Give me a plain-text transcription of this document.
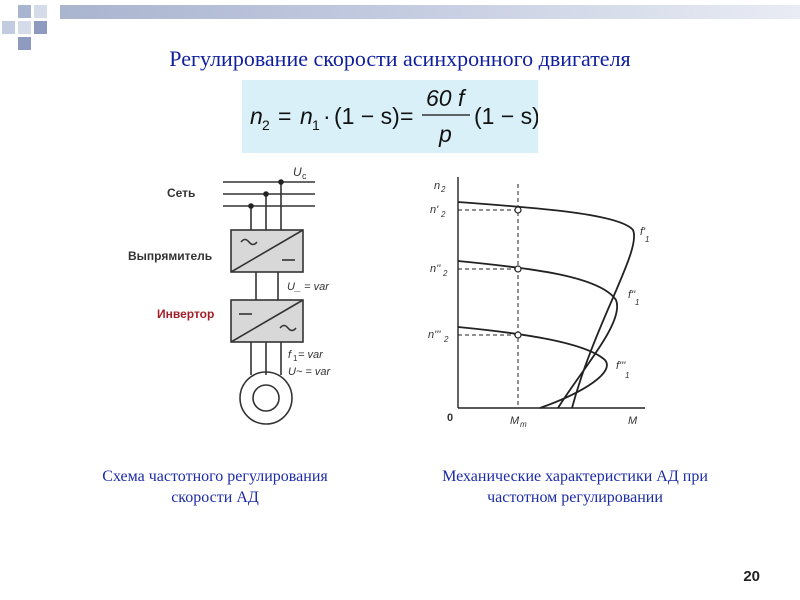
Регулирование скорости асинхронного двигателя
n 2 = n 1 · (1 − s) =
60 f
p
(1 − s)
Сеть
Выпрямитель
Инвертор
U c
U_ = var
f 1 = var
U~ = var
n 2
n' 2
n'' 2
n''' 2
0	M т	M
f'
1
f''
1
f'''
1
Схема частотного регулирования
скорости АД
Механические характеристики АД при
частотном регулировании
20
